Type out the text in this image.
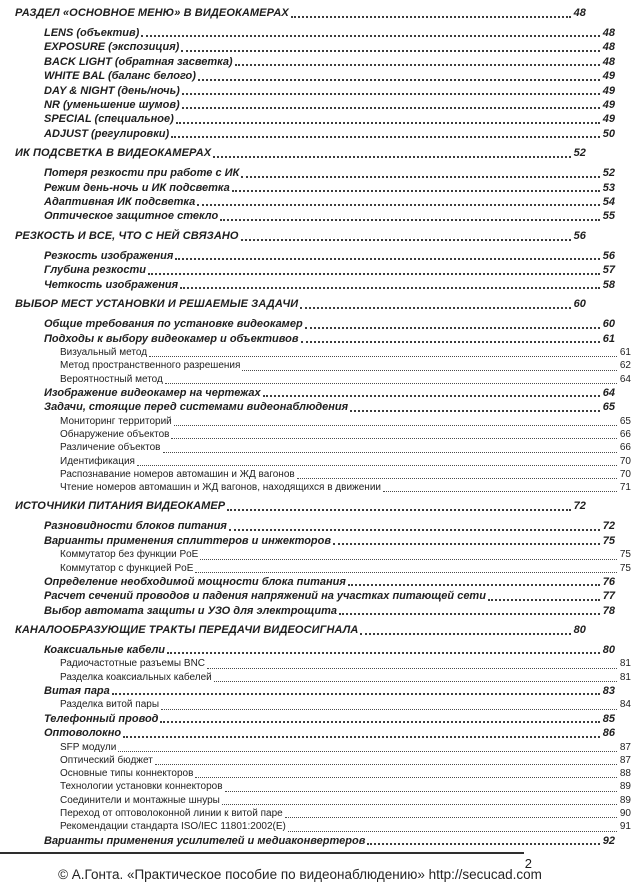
РАЗДЕЛ «ОСНОВНОЕ МЕНЮ» В ВИДЕОКАМЕРАХ	48
LENS (объектив)	48
EXPOSURE (экспозиция)	48
BACK LIGHT (обратная засветка)	48
WHITE BAL (баланс белого)	49
DAY & NIGHT (день/ночь)	49
NR (уменьшение шумов)	49
SPECIAL (специальное)	49
ADJUST (регулировки)	50
ИК ПОДСВЕТКА В ВИДЕОКАМЕРАХ	52
Потеря резкости при работе с ИК	52
Режим день-ночь и ИК подсветка	53
Адаптивная ИК подсветка	54
Оптическое защитное стекло	55
РЕЗКОСТЬ И ВСЕ, ЧТО С НЕЙ СВЯЗАНО	56
Резкость изображения	56
Глубина резкости	57
Четкость изображения	58
ВЫБОР МЕСТ УСТАНОВКИ И РЕШАЕМЫЕ ЗАДАЧИ	60
Общие требования по установке видеокамер	60
Подходы к выбору видеокамер и объективов	61
Визуальный метод	61
Метод пространственного разрешения	62
Вероятностный метод	64
Изображение видеокамер на чертежах	64
Задачи, стоящие перед системами видеонаблюдения	65
Мониторинг территорий	65
Обнаружение объектов	66
Различение объектов	66
Идентификация	70
Распознавание номеров автомашин и ЖД вагонов	70
Чтение номеров автомашин и ЖД вагонов, находящихся в движении	71
ИСТОЧНИКИ ПИТАНИЯ ВИДЕОКАМЕР	72
Разновидности блоков питания	72
Варианты применения сплиттеров и инжекторов	75
Коммутатор без функции PoE	75
Коммутатор с функцией PoE	75
Определение необходимой мощности блока питания	76
Расчет сечений проводов и падения напряжений на участках питающей сети	77
Выбор автомата защиты и УЗО для электрощита	78
КАНАЛООБРАЗУЮЩИЕ ТРАКТЫ ПЕРЕДАЧИ ВИДЕОСИГНАЛА	80
Коаксиальные кабели	80
Радиочастотные разъемы BNC	81
Разделка коаксиальных кабелей	81
Витая пара	83
Разделка витой пары	84
Телефонный провод	85
Оптоволокно	86
SFP модули	87
Оптический бюджет	87
Основные типы коннекторов	88
Технологии установки коннекторов	89
Соединители и монтажные шнуры	89
Переход от оптоволоконной линии к витой паре	90
Рекомендации стандарта ISO/IEC 11801:2002(E)	91
Варианты применения усилителей и медиаконвертеров	92
2
© А.Гонта. «Практическое пособие по видеонаблюдению» http://secucad.com
